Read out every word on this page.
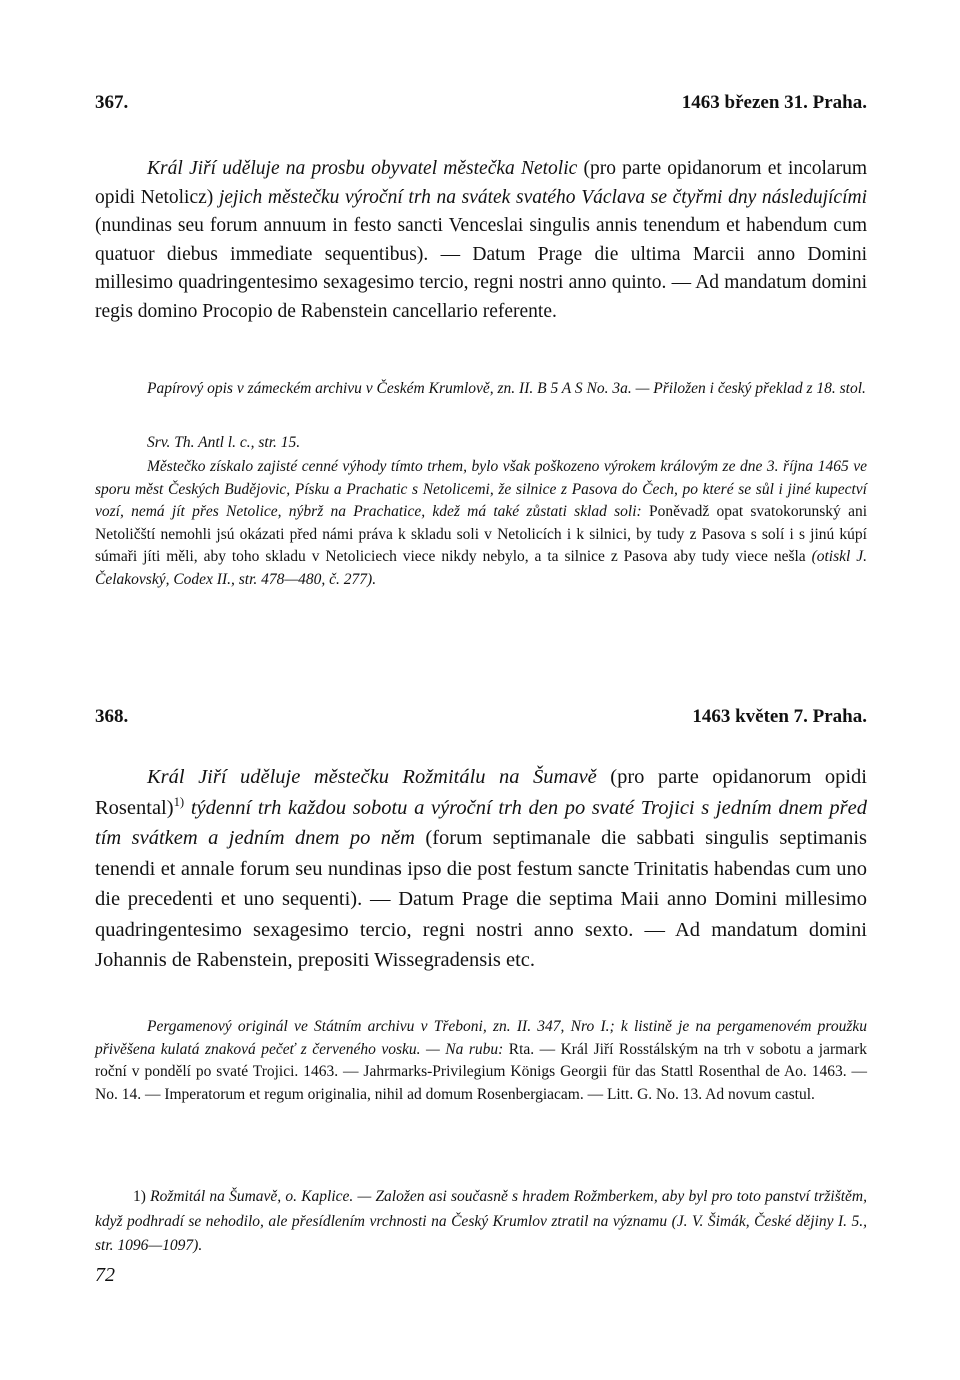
367.	1463 březen 31. Praha.

Král Jiří uděluje na prosbu obyvatel městečka Netolic (pro parte opidanorum et incolarum opidi Netolicz) jejich městečku výroční trh na svátek svatého Václava se čtyřmi dny následujícími (nundinas seu forum annuum in festo sancti Venceslai singulis annis tenendum et habendum cum quatuor diebus immediate sequentibus). — Datum Prage die ultima Marcii anno Domini millesimo quadringentesimo sexagesimo tercio, regni nostri anno quinto. — Ad mandatum domini regis domino Procopio de Rabenstein cancellario referente.

Papírový opis v zámeckém archivu v Českém Krumlově, zn. II. B 5 A S No. 3a. — Přiložen i český překlad z 18. stol.

Srv. Th. Antl l. c., str. 15.

Městečko získalo zajisté cenné výhody tímto trhem, bylo však poškozeno výrokem královým ze dne 3. října 1465 ve sporu měst Českých Budějovic, Písku a Prachatic s Netolicemi, že silnice z Pasova do Čech, po které se sůl i jiné kupectví vozí, nemá jít přes Netolice, nýbrž na Prachatice, kdež má také zůstati sklad soli: Poněvadž opat svatokorunský ani Netoličští nemohli jsú okázati před námi práva k skladu soli v Netolicích i k silnici, by tudy z Pasova s solí i s jinú kúpí súmaři jíti měli, aby toho skladu v Netoliciech viece nikdy nebylo, a ta silnice z Pasova aby tudy viece nešla (otiskl J. Čelakovský, Codex II., str. 478—480, č. 277).

368.	1463 květen 7. Praha.

Král Jiří uděluje městečku Rožmitálu na Šumavě (pro parte opidanorum opidi Rosental)$^{1)}$ týdenní trh každou sobotu a výroční trh den po svaté Trojici s jedním dnem před tím svátkem a jedním dnem po něm (forum septimanale die sabbati singulis septimanis tenendi et annale forum seu nundinas ipso die post festum sancte Trinitatis habendas cum uno die precedenti et uno sequenti). — Datum Prage die septima Maii anno Domini millesimo quadringentesimo sexagesimo tercio, regni nostri anno sexto. — Ad mandatum domini Johannis de Rabenstein, prepositi Wissegradensis etc.

Pergamenový originál ve Státním archivu v Třeboni, zn. II. 347, Nro I.; k listině je na pergamenovém proužku přivěšena kulatá znaková pečeť z červeného vosku. — Na rubu: Rta. — Král Jiří Rosstálským na trh v sobotu a jarmark roční v pondělí po svaté Trojici. 1463. — Jahrmarks-Privilegium Königs Georgii für das Stattl Rosenthal de Ao. 1463. — No. 14. — Imperatorum et regum originalia, nihil ad domum Rosenbergiacam. — Litt. G. No. 13. Ad novum castul.

1) Rožmitál na Šumavě, o. Kaplice. — Založen asi současně s hradem Rožmberkem, aby byl pro toto panství tržištěm, když podhradí se nehodilo, ale přesídlením vrchnosti na Český Krumlov ztratil na významu (J. V. Šimák, České dějiny I. 5., str. 1096—1097).

72
